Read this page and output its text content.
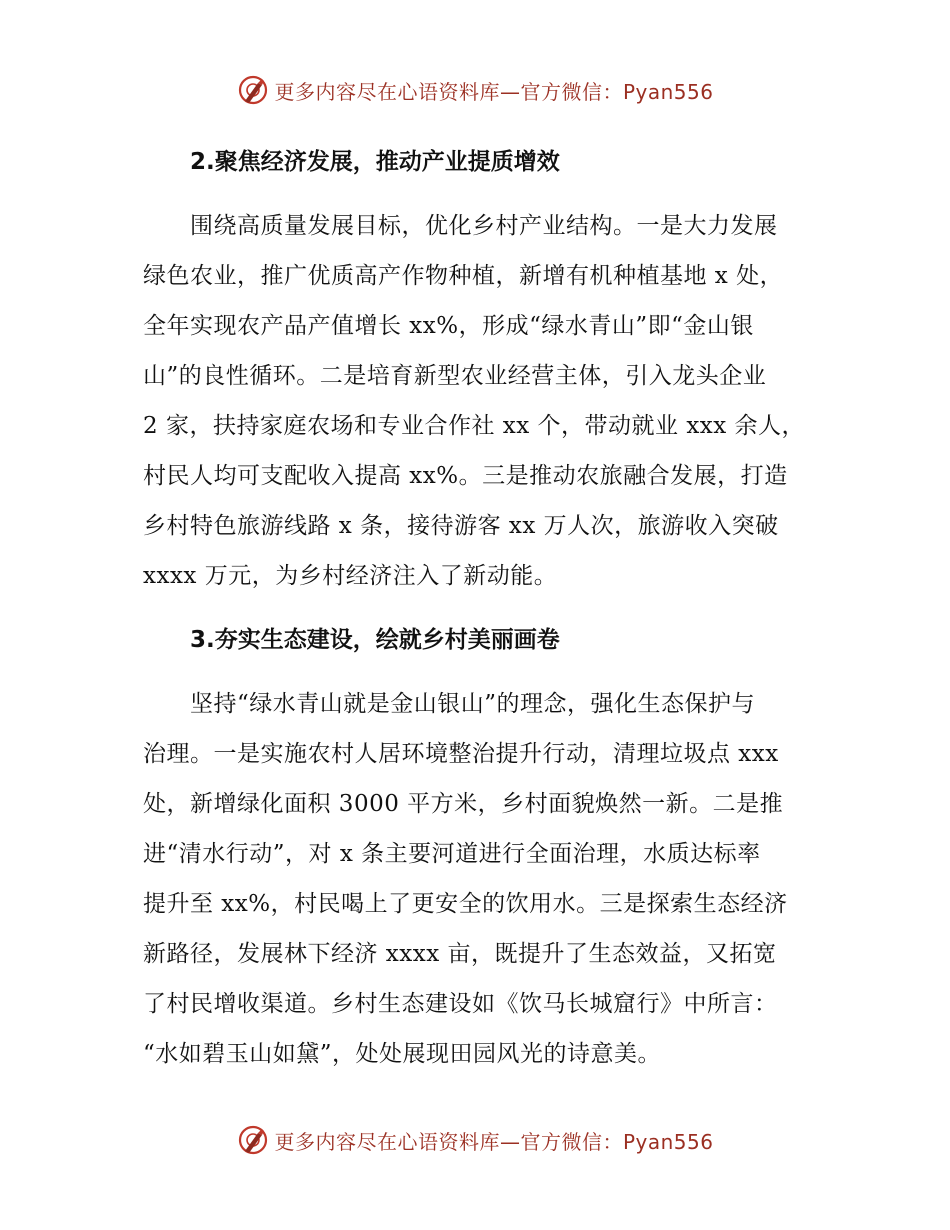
更多内容尽在心语资料库—官方微信：Pyan556
2.聚焦经济发展，推动产业提质增效
围绕高质量发展目标，优化乡村产业结构。一是大力发展
绿色农业，推广优质高产作物种植，新增有机种植基地 x 处，
全年实现农产品产值增长 xx%，形成“绿水青山”即“金山银
山”的良性循环。二是培育新型农业经营主体，引入龙头企业
2 家，扶持家庭农场和专业合作社 xx 个，带动就业 xxx 余人，
村民人均可支配收入提高 xx%。三是推动农旅融合发展，打造
乡村特色旅游线路 x 条，接待游客 xx 万人次，旅游收入突破
xxxx 万元，为乡村经济注入了新动能。
3.夯实生态建设，绘就乡村美丽画卷
坚持“绿水青山就是金山银山”的理念，强化生态保护与
治理。一是实施农村人居环境整治提升行动，清理垃圾点 xxx
处，新增绿化面积 3000 平方米，乡村面貌焕然一新。二是推
进“清水行动”，对 x 条主要河道进行全面治理，水质达标率
提升至 xx%，村民喝上了更安全的饮用水。三是探索生态经济
新路径，发展林下经济 xxxx 亩，既提升了生态效益，又拓宽
了村民增收渠道。乡村生态建设如《饮马长城窟行》中所言：
“水如碧玉山如黛”，处处展现田园风光的诗意美。
更多内容尽在心语资料库—官方微信：Pyan556
